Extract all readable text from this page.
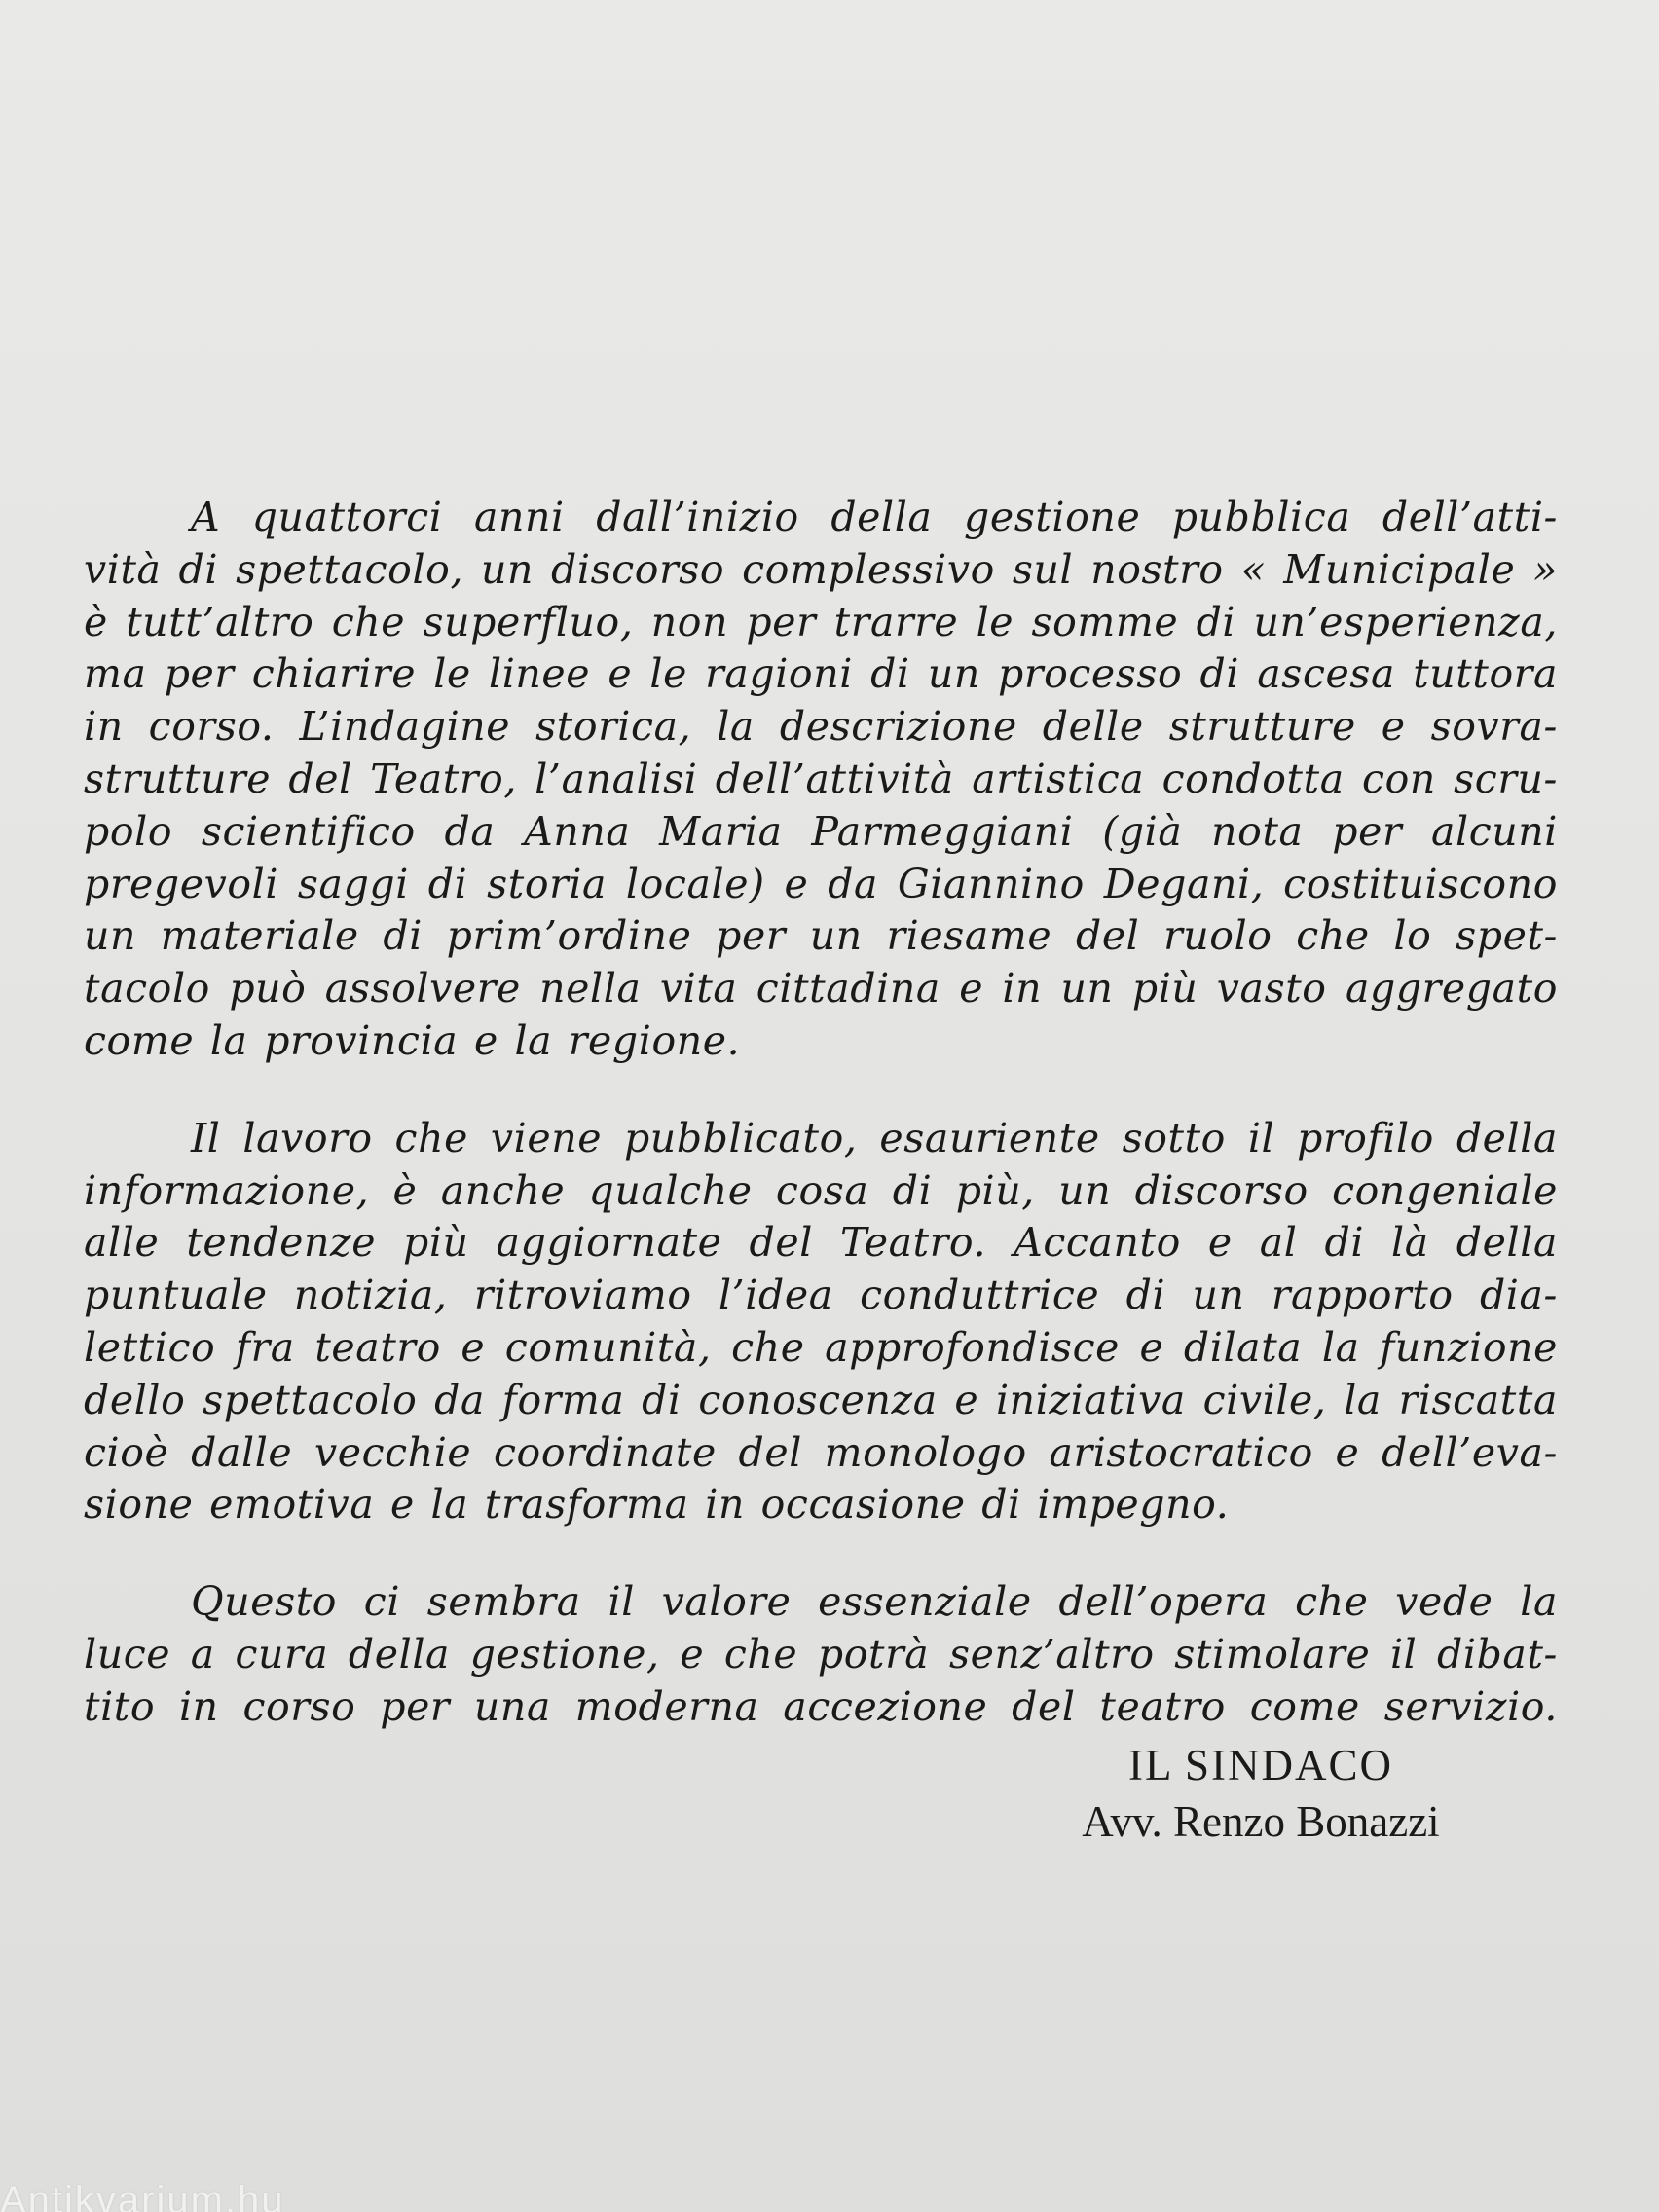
A quattorci anni dall’inizio della gestione pubblica dell’atti-
vità di spettacolo, un discorso complessivo sul nostro « Municipale »
è tutt’altro che superfluo, non per trarre le somme di un’esperienza,
ma per chiarire le linee e le ragioni di un processo di ascesa tuttora
in corso. L’indagine storica, la descrizione delle strutture e sovra-
strutture del Teatro, l’analisi dell’attività artistica condotta con scru-
polo scientifico da Anna Maria Parmeggiani (già nota per alcuni
pregevoli saggi di storia locale) e da Giannino Degani, costituiscono
un materiale di prim’ordine per un riesame del ruolo che lo spet-
tacolo può assolvere nella vita cittadina e in un più vasto aggregato
come la provincia e la regione.
Il lavoro che viene pubblicato, esauriente sotto il profilo della
informazione, è anche qualche cosa di più, un discorso congeniale
alle tendenze più aggiornate del Teatro. Accanto e al di là della
puntuale notizia, ritroviamo l’idea conduttrice di un rapporto dia-
lettico fra teatro e comunità, che approfondisce e dilata la funzione
dello spettacolo da forma di conoscenza e iniziativa civile, la riscatta
cioè dalle vecchie coordinate del monologo aristocratico e dell’eva-
sione emotiva e la trasforma in occasione di impegno.
Questo ci sembra il valore essenziale dell’opera che vede la
luce a cura della gestione, e che potrà senz’altro stimolare il dibat-
tito in corso per una moderna accezione del teatro come servizio.
IL SINDACO
Avv. Renzo Bonazzi
Antikvarium.hu
